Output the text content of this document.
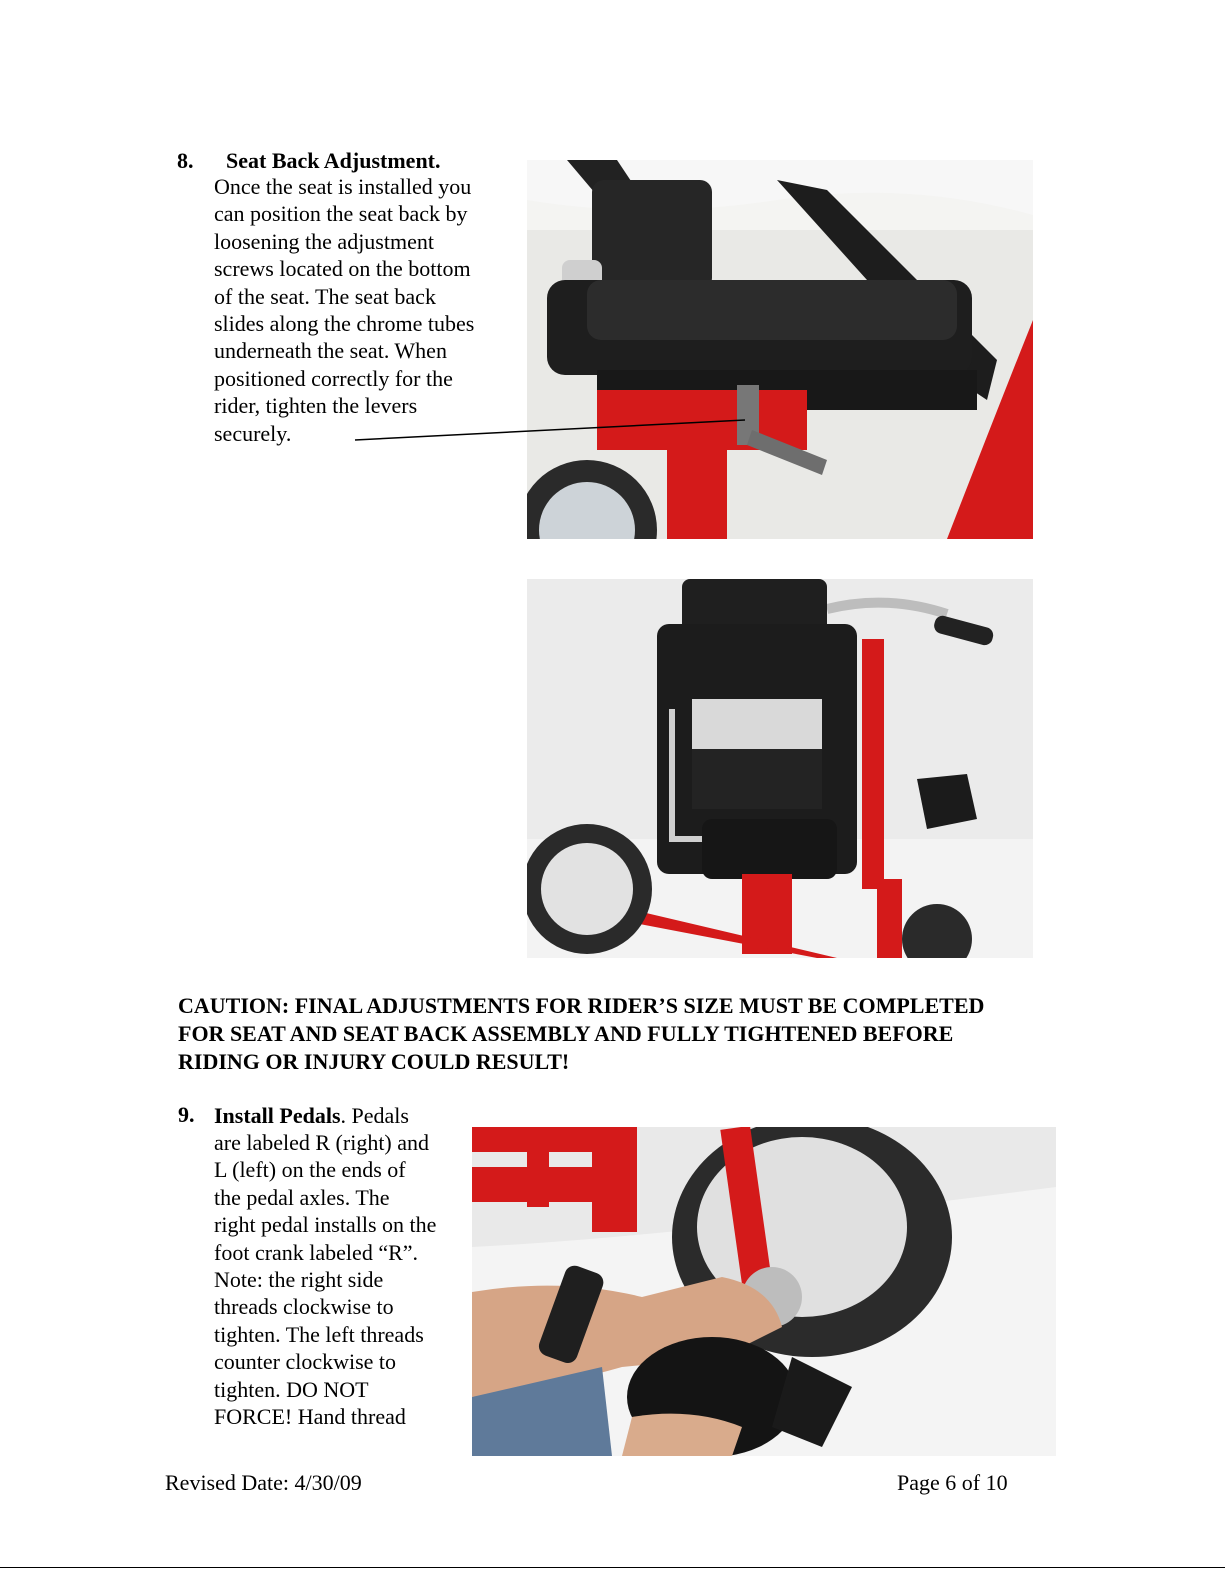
8. Seat Back Adjustment.
Once the seat is installed you
can position the seat back by
loosening the adjustment
screws located on the bottom
of the seat. The seat back
slides along the chrome tubes
underneath the seat. When
positioned correctly for the
rider, tighten the levers
securely.
CAUTION: FINAL ADJUSTMENTS FOR RIDER’S SIZE MUST BE COMPLETED
FOR SEAT AND SEAT BACK ASSEMBLY AND FULLY TIGHTENED BEFORE
RIDING OR INJURY COULD RESULT!
9. Install Pedals. Pedals
are labeled R (right) and
L (left) on the ends of
the pedal axles. The
right pedal installs on the
foot crank labeled “R”.
Note: the right side
threads clockwise to
tighten. The left threads
counter clockwise to
tighten. DO NOT
FORCE! Hand thread
Revised Date: 4/30/09	Page 6 of 10
